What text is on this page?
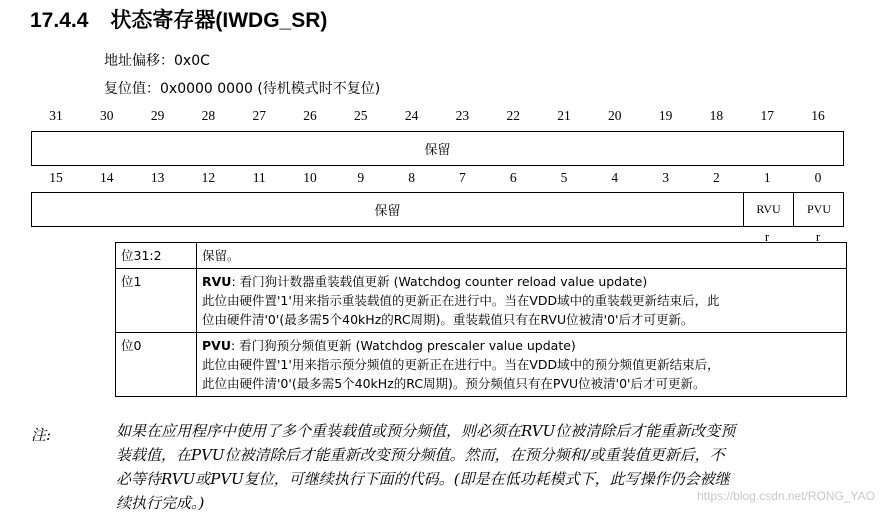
17.4.4 状态寄存器(IWDG_SR)
地址偏移：0x0C
复位值：0x0000 0000 (待机模式时不复位)
31	30	29	28	27	26	25	24	23	22	21	20	19	18	17	16
保留
15	14	13	12	11	10	9	8	7	6	5	4	3	2	1	0
保留	RVU	PVU
r	r
位31:2	保留。
位1	RVU: 看门狗计数器重装载值更新 (Watchdog counter reload value update)
此位由硬件置'1'用来指示重装载值的更新正在进行中。当在VDD域中的重装载更新结束后，此
位由硬件清'0'(最多需5个40kHz的RC周期)。重装载值只有在RVU位被清'0'后才可更新。

位0	PVU: 看门狗预分频值更新 (Watchdog prescaler value update)
此位由硬件置'1'用来指示预分频值的更新正在进行中。当在VDD域中的预分频值更新结束后，
此位由硬件清'0'(最多需5个40kHz的RC周期)。预分频值只有在PVU位被清'0'后才可更新。
注:	如果在应用程序中使用了多个重装载值或预分频值，则必须在RVU位被清除后才能重新改变预
装载值，在PVU位被清除后才能重新改变预分频值。然而，在预分频和/或重装值更新后，不
必等待RVU或PVU复位，可继续执行下面的代码。(即是在低功耗模式下，此写操作仍会被继
续执行完成。)	https://blog.csdn.net/RONG_YAO
